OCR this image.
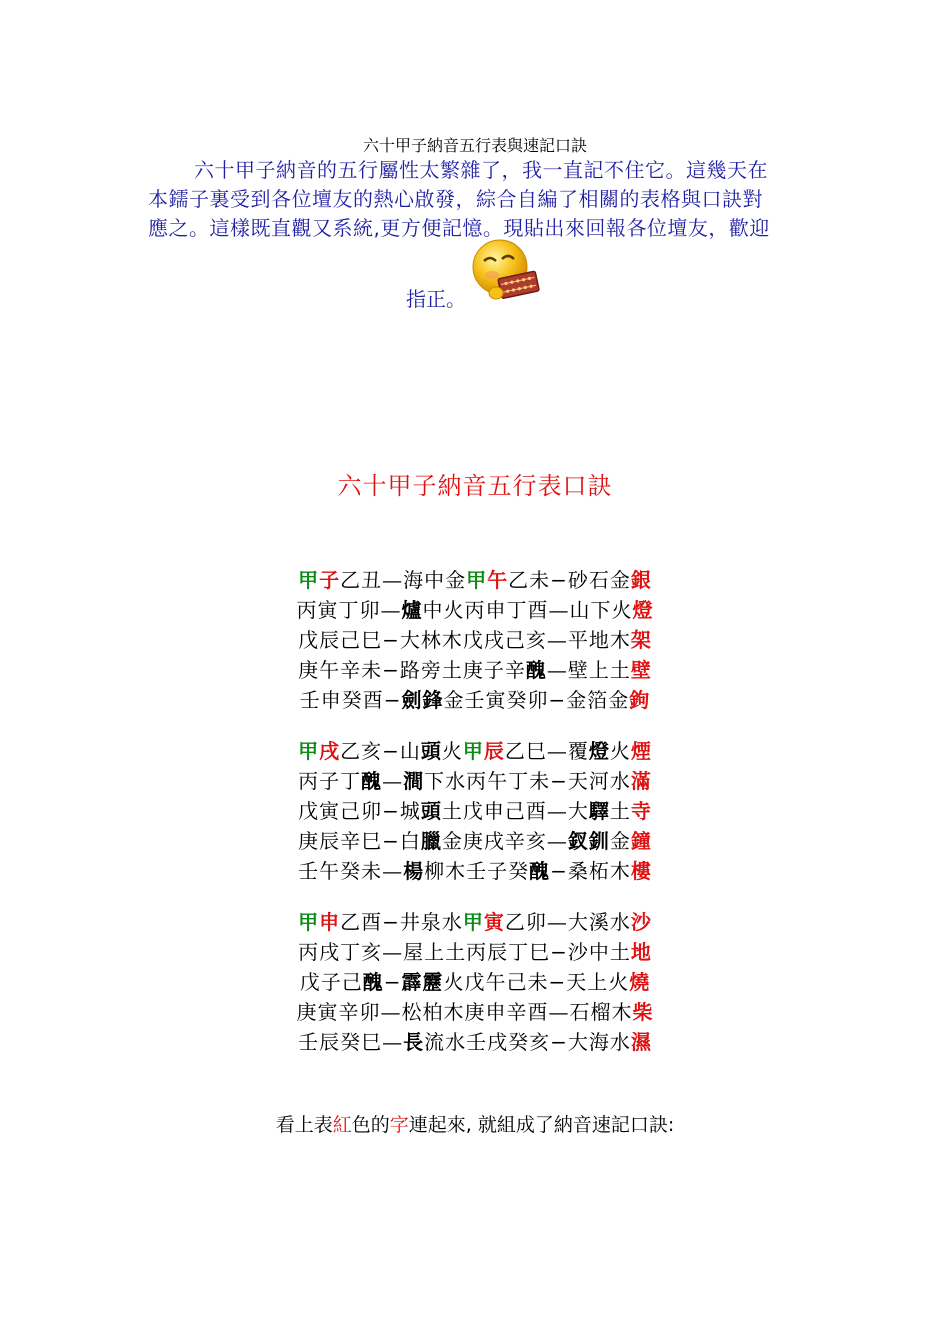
六十甲子納音五行表與速記口訣
六十甲子納音的五行屬性太繁雜了，我一直記不住它。這幾天在
本鑐子裏受到各位壇友的熱心啟發，綜合自編了相關的表格與口訣對
應之。這樣既直觀又系統,更方便記憶。現貼出來回報各位壇友，歡迎
指正。
六十甲子納音五行表口訣
甲子乙丑—海中金甲午乙未−砂石金銀
丙寅丁卯—爐中火丙申丁酉—山下火燈
戊辰己巳−大林木戊戌己亥—平地木架
庚午辛未−路旁土庚子辛醜—壁上土壁
壬申癸酉−劍鋒金壬寅癸卯−金箔金鉤
甲戌乙亥−山頭火甲辰乙巳—覆燈火煙
丙子丁醜—澗下水丙午丁未−天河水滿
戊寅己卯−城頭土戊申己酉—大驛土寺
庚辰辛巳−白臘金庚戌辛亥—釵釧金鐘
壬午癸未—楊柳木壬子癸醜−桑柘木樓
甲申乙酉−井泉水甲寅乙卯—大溪水沙
丙戌丁亥—屋上土丙辰丁巳−沙中土地
戊子己醜−霹靂火戊午己未−天上火燒
庚寅辛卯—松柏木庚申辛酉—石榴木柴
壬辰癸巳—長流水壬戌癸亥−大海水濕
看上表紅色的字連起來, 就組成了納音速記口訣:
